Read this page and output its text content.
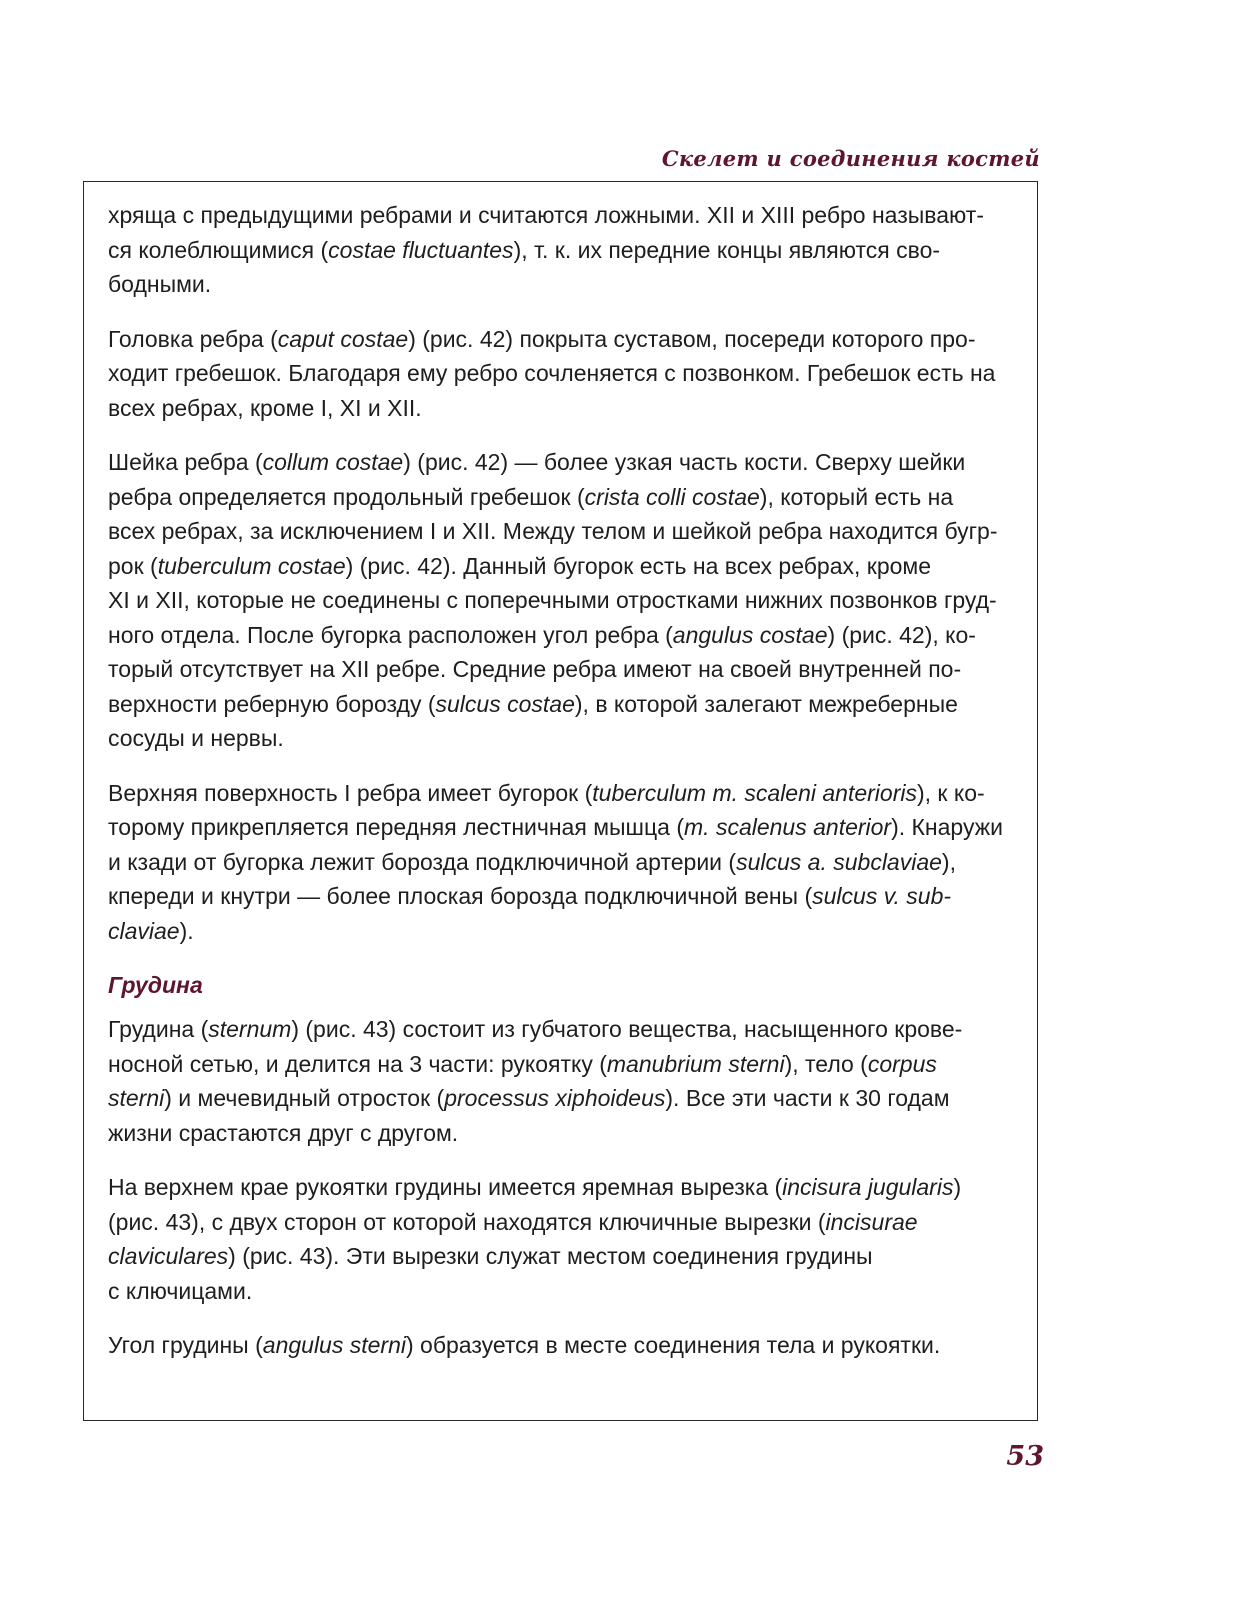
Скелет и соединения костей

хряща с предыдущими ребрами и считаются ложными. XII и XIII ребро называют-
ся колеблющимися (costae fluctuantes), т. к. их передние концы являются сво-
бодными.

Головка ребра (caput costae) (рис. 42) покрыта суставом, посереди которого про-
ходит гребешок. Благодаря ему ребро сочленяется с позвонком. Гребешок есть на
всех ребрах, кроме I, XI и XII.

Шейка ребра (collum costae) (рис. 42) — более узкая часть кости. Сверху шейки
ребра определяется продольный гребешок (crista colli costae), который есть на
всех ребрах, за исключением I и XII. Между телом и шейкой ребра находится бугр-
рок (tuberculum costae) (рис. 42). Данный бугорок есть на всех ребрах, кроме
XI и XII, которые не соединены с поперечными отростками нижних позвонков груд-
ного отдела. После бугорка расположен угол ребра (angulus costae) (рис. 42), ко-
торый отсутствует на XII ребре. Средние ребра имеют на своей внутренней по-
верхности реберную борозду (sulcus costae), в которой залегают межреберные
сосуды и нервы.

Верхняя поверхность I ребра имеет бугорок (tuberculum m. scaleni anterioris), к ко-
торому прикрепляется передняя лестничная мышца (m. scalenus anterior). Кнаружи
и кзади от бугорка лежит борозда подключичной артерии (sulcus a. subclaviae),
кпереди и кнутри — более плоская борозда подключичной вены (sulcus v. sub-
claviae).

Грудина

Грудина (sternum) (рис. 43) состоит из губчатого вещества, насыщенного крове-
носной сетью, и делится на 3 части: рукоятку (manubrium sterni), тело (corpus
sterni) и мечевидный отросток (processus xiphoideus). Все эти части к 30 годам
жизни срастаются друг с другом.

На верхнем крае рукоятки грудины имеется яремная вырезка (incisura jugularis)
(рис. 43), с двух сторон от которой находятся ключичные вырезки (incisurae
claviculares) (рис. 43). Эти вырезки служат местом соединения грудины
с ключицами.

Угол грудины (angulus sterni) образуется в месте соединения тела и рукоятки.

53
